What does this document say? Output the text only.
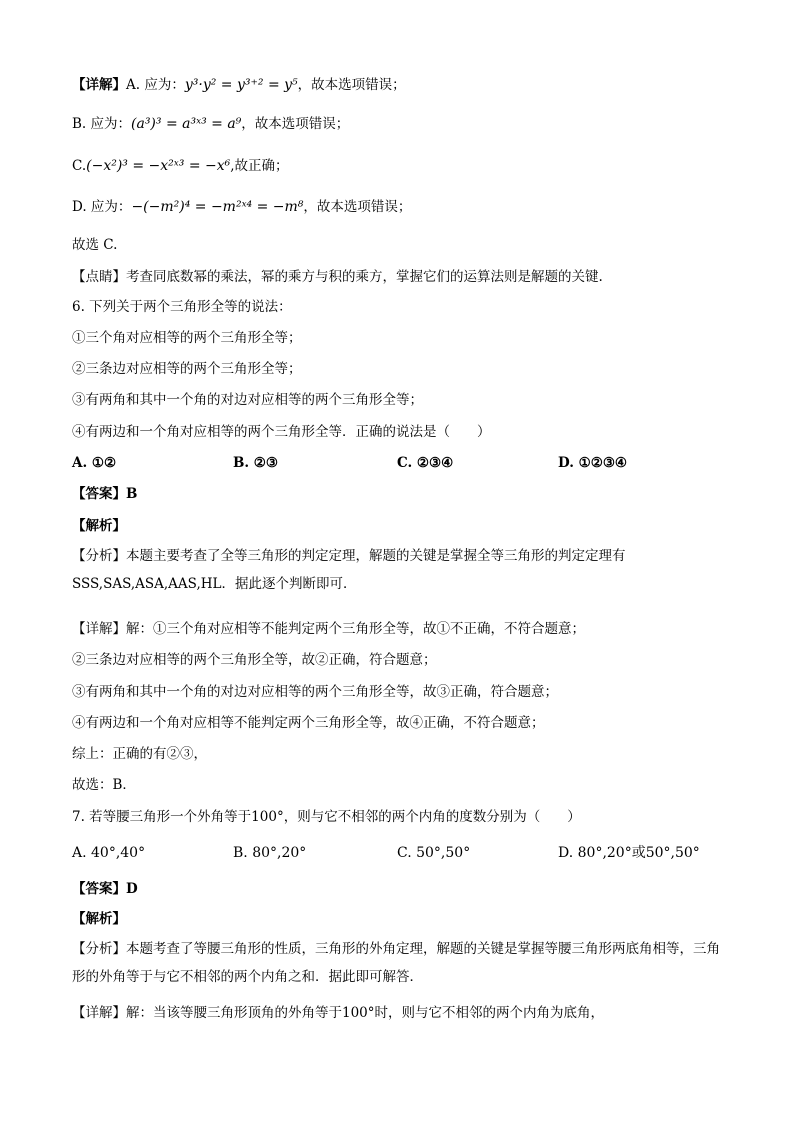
【详解】A. 应为：y³·y² = y³⁺² = y⁵，故本选项错误；
B. 应为：(a³)³ = a³ˣ³ = a⁹，故本选项错误；
C.(−x²)³ = −x²ˣ³ = −x⁶,故正确；
D. 应为：−(−m²)⁴ = −m²ˣ⁴ = −m⁸，故本选项错误；
故选 C.
【点睛】考查同底数幂的乘法，幂的乘方与积的乘方，掌握它们的运算法则是解题的关键.
6. 下列关于两个三角形全等的说法：
①三个角对应相等的两个三角形全等；
②三条边对应相等的两个三角形全等；
③有两角和其中一个角的对边对应相等的两个三角形全等；
④有两边和一个角对应相等的两个三角形全等．正确的说法是（　　）
A. ①②	B. ②③	C. ②③④	D. ①②③④
【答案】B
【解析】
【分析】本题主要考查了全等三角形的判定定理，解题的关键是掌握全等三角形的判定定理有SSS,SAS,ASA,AAS,HL．据此逐个判断即可．
【详解】解：①三个角对应相等不能判定两个三角形全等，故①不正确，不符合题意；
②三条边对应相等的两个三角形全等，故②正确，符合题意；
③有两角和其中一个角的对边对应相等的两个三角形全等，故③正确，符合题意；
④有两边和一个角对应相等不能判定两个三角形全等，故④正确，不符合题意；
综上：正确的有②③，
故选：B．
7. 若等腰三角形一个外角等于100°，则与它不相邻的两个内角的度数分别为（　　）
A. 40°,40°	B. 80°,20°	C. 50°,50°	D. 80°,20°或50°,50°
【答案】D
【解析】
【分析】本题考查了等腰三角形的性质，三角形的外角定理，解题的关键是掌握等腰三角形两底角相等，三角形的外角等于与它不相邻的两个内角之和．据此即可解答．
【详解】解：当该等腰三角形顶角的外角等于100°时，则与它不相邻的两个内角为底角，
